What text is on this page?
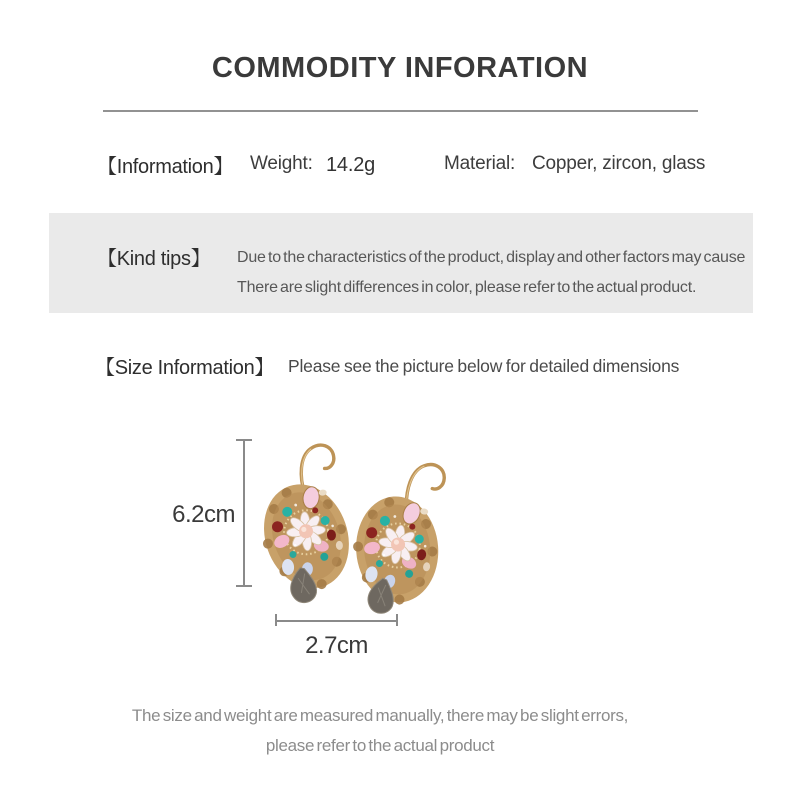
COMMODITY INFORATION
【Information】 Weight: 14.2g	Material: Copper, zircon, glass
【Kind tips】 Due to the characteristics of the product, display and other factors may cause
There are slight differences in color, please refer to the actual product.
【Size Information】 Please see the picture below for detailed dimensions
6.2cm
2.7cm
The size and weight are measured manually, there may be slight errors,
please refer to the actual product
